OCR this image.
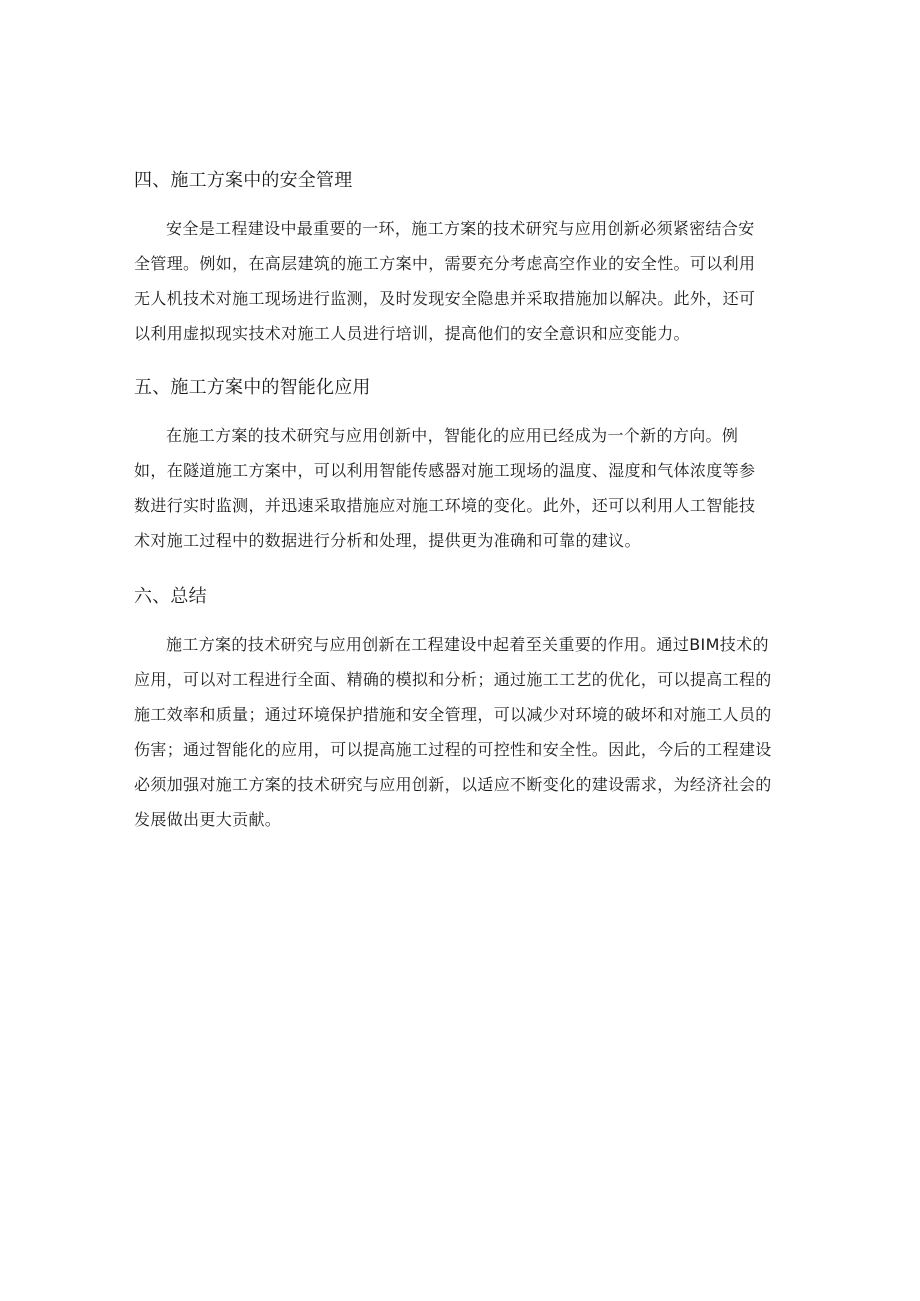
四、施工方案中的安全管理
安全是工程建设中最重要的一环，施工方案的技术研究与应用创新必须紧密结合安
全管理。例如，在高层建筑的施工方案中，需要充分考虑高空作业的安全性。可以利用
无人机技术对施工现场进行监测，及时发现安全隐患并采取措施加以解决。此外，还可
以利用虚拟现实技术对施工人员进行培训，提高他们的安全意识和应变能力。
五、施工方案中的智能化应用
在施工方案的技术研究与应用创新中，智能化的应用已经成为一个新的方向。例
如，在隧道施工方案中，可以利用智能传感器对施工现场的温度、湿度和气体浓度等参
数进行实时监测，并迅速采取措施应对施工环境的变化。此外，还可以利用人工智能技
术对施工过程中的数据进行分析和处理，提供更为准确和可靠的建议。
六、总结
施工方案的技术研究与应用创新在工程建设中起着至关重要的作用。通过BIM技术的
应用，可以对工程进行全面、精确的模拟和分析；通过施工工艺的优化，可以提高工程的
施工效率和质量；通过环境保护措施和安全管理，可以减少对环境的破坏和对施工人员的
伤害；通过智能化的应用，可以提高施工过程的可控性和安全性。因此，今后的工程建设
必须加强对施工方案的技术研究与应用创新，以适应不断变化的建设需求，为经济社会的
发展做出更大贡献。
